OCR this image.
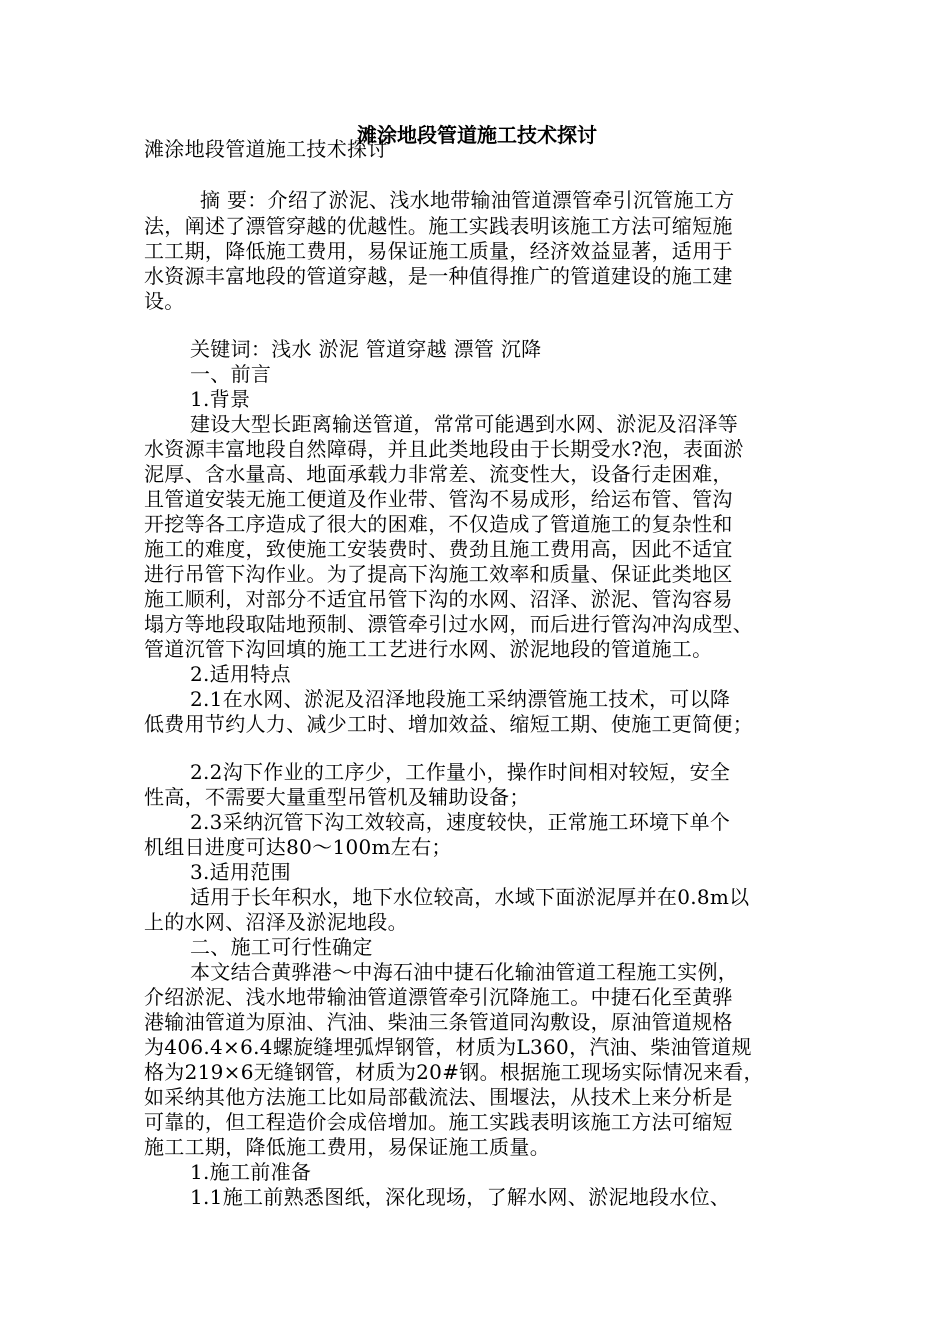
滩涂地段管道施工技术探讨
滩涂地段管道施工技术探讨
摘 要：介绍了淤泥、浅水地带输油管道漂管牵引沉管施工方
法，阐述了漂管穿越的优越性。施工实践表明该施工方法可缩短施
工工期，降低施工费用，易保证施工质量，经济效益显著，适用于
水资源丰富地段的管道穿越，是一种值得推广的管道建设的施工建
设。
关键词：浅水 淤泥 管道穿越 漂管 沉降
一、前言
1.背景
建设大型长距离输送管道，常常可能遇到水网、淤泥及沼泽等
水资源丰富地段自然障碍，并且此类地段由于长期受水?泡，表面淤
泥厚、含水量高、地面承载力非常差、流变性大，设备行走困难，
且管道安装无施工便道及作业带、管沟不易成形，给运布管、管沟
开挖等各工序造成了很大的困难，不仅造成了管道施工的复杂性和
施工的难度，致使施工安装费时、费劲且施工费用高，因此不适宜
进行吊管下沟作业。为了提高下沟施工效率和质量、保证此类地区
施工顺利，对部分不适宜吊管下沟的水网、沼泽、淤泥、管沟容易
塌方等地段取陆地预制、漂管牵引过水网，而后进行管沟冲沟成型、
管道沉管下沟回填的施工工艺进行水网、淤泥地段的管道施工。
2.适用特点
2.1在水网、淤泥及沼泽地段施工采纳漂管施工技术，可以降
低费用节约人力、减少工时、增加效益、缩短工期、使施工更简便；
2.2沟下作业的工序少，工作量小，操作时间相对较短，安全
性高，不需要大量重型吊管机及辅助设备；
2.3采纳沉管下沟工效较高，速度较快，正常施工环境下单个
机组日进度可达80～100m左右；
3.适用范围
适用于长年积水，地下水位较高，水域下面淤泥厚并在0.8m以
上的水网、沼泽及淤泥地段。
二、施工可行性确定
本文结合黄骅港～中海石油中捷石化输油管道工程施工实例，
介绍淤泥、浅水地带输油管道漂管牵引沉降施工。中捷石化至黄骅
港输油管道为原油、汽油、柴油三条管道同沟敷设，原油管道规格
为406.4×6.4螺旋缝埋弧焊钢管，材质为L360，汽油、柴油管道规
格为219×6无缝钢管，材质为20#钢。根据施工现场实际情况来看，
如采纳其他方法施工比如局部截流法、围堰法，从技术上来分析是
可靠的，但工程造价会成倍增加。施工实践表明该施工方法可缩短
施工工期，降低施工费用，易保证施工质量。
1.施工前准备
1.1施工前熟悉图纸，深化现场，了解水网、淤泥地段水位、
